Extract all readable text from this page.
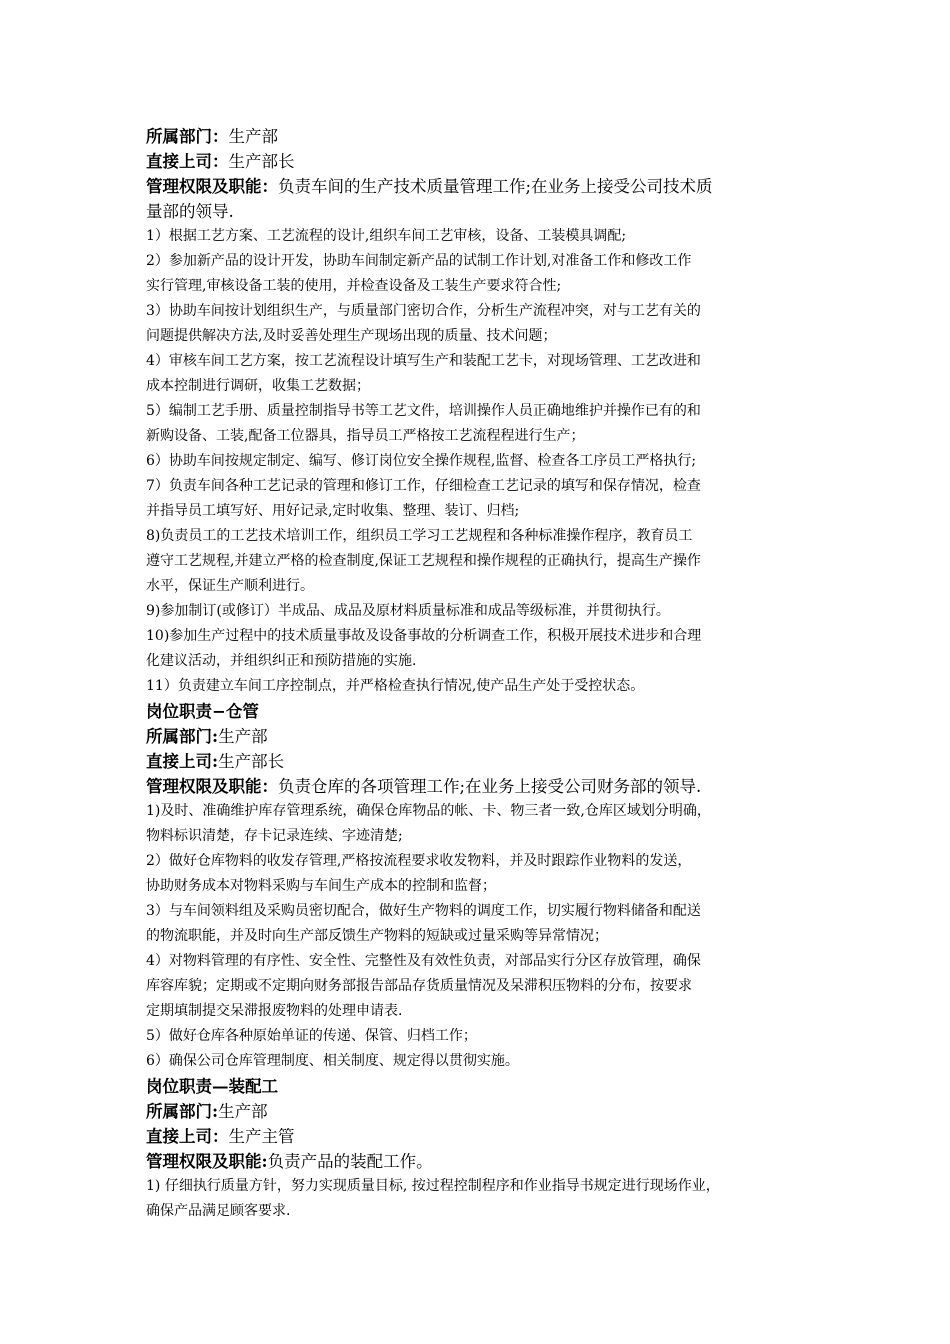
所属部门：生产部
直接上司：生产部长
管理权限及职能：负责车间的生产技术质量管理工作;在业务上接受公司技术质
量部的领导.
1）根据工艺方案、工艺流程的设计,组织车间工艺审核，设备、工装模具调配;
2）参加新产品的设计开发，协助车间制定新产品的试制工作计划,对准备工作和修改工作
实行管理,审核设备工装的使用，并检查设备及工装生产要求符合性;
3）协助车间按计划组织生产，与质量部门密切合作，分析生产流程冲突，对与工艺有关的
问题提供解决方法,及时妥善处理生产现场出现的质量、技术问题；
4）审核车间工艺方案，按工艺流程设计填写生产和装配工艺卡，对现场管理、工艺改进和
成本控制进行调研，收集工艺数据；
5）编制工艺手册、质量控制指导书等工艺文件，培训操作人员正确地维护并操作已有的和
新购设备、工装,配备工位器具，指导员工严格按工艺流程程进行生产；
6）协助车间按规定制定、编写、修订岗位安全操作规程,监督、检查各工序员工严格执行;
7）负责车间各种工艺记录的管理和修订工作，仔细检查工艺记录的填写和保存情况，检查
并指导员工填写好、用好记录,定时收集、整理、装订、归档;
8)负责员工的工艺技术培训工作，组织员工学习工艺规程和各种标准操作程序，教育员工
遵守工艺规程,并建立严格的检查制度,保证工艺规程和操作规程的正确执行，提高生产操作
水平，保证生产顺利进行。
9)参加制订(或修订）半成品、成品及原材料质量标准和成品等级标准，并贯彻执行。
10)参加生产过程中的技术质量事故及设备事故的分析调查工作，积极开展技术进步和合理
化建议活动，并组织纠正和预防措施的实施.
11）负责建立车间工序控制点，并严格检查执行情况,使产品生产处于受控状态。
岗位职责−仓管
所属部门:生产部
直接上司:生产部长
管理权限及职能：负责仓库的各项管理工作;在业务上接受公司财务部的领导.
1)及时、准确维护库存管理系统，确保仓库物品的帐、卡、物三者一致,仓库区域划分明确，
物料标识清楚，存卡记录连续、字迹清楚;
2）做好仓库物料的收发存管理,严格按流程要求收发物料，并及时跟踪作业物料的发送，
协助财务成本对物料采购与车间生产成本的控制和监督；
3）与车间领料组及采购员密切配合，做好生产物料的调度工作，切实履行物料储备和配送
的物流职能，并及时向生产部反馈生产物料的短缺或过量采购等异常情况；
4）对物料管理的有序性、安全性、完整性及有效性负责，对部品实行分区存放管理，确保
库容库貌；定期或不定期向财务部报告部品存货质量情况及呆滞积压物料的分布，按要求
定期填制提交呆滞报废物料的处理申请表.
5）做好仓库各种原始单证的传递、保管、归档工作；
6）确保公司仓库管理制度、相关制度、规定得以贯彻实施。
岗位职责—装配工
所属部门:生产部
直接上司：生产主管
管理权限及职能:负责产品的装配工作。
1) 仔细执行质量方针，努力实现质量目标, 按过程控制程序和作业指导书规定进行现场作业，
确保产品满足顾客要求.
